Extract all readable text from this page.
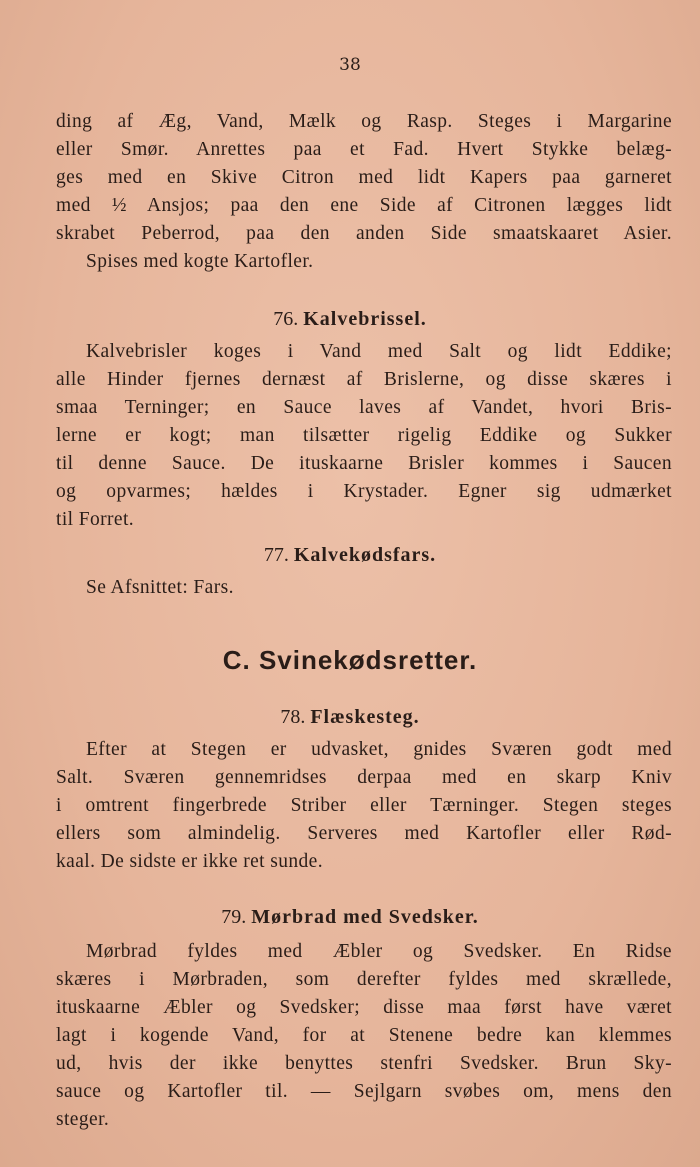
38
ding af Æg, Vand, Mælk og Rasp. Steges i Margarine
eller Smør. Anrettes paa et Fad. Hvert Stykke belæg-
ges med en Skive Citron med lidt Kapers paa garneret
med ½ Ansjos; paa den ene Side af Citronen lægges lidt
skrabet Peberrod, paa den anden Side smaatskaaret Asier.
Spises med kogte Kartofler.
76. Kalvebrissel.
Kalvebrisler koges i Vand med Salt og lidt Eddike;
alle Hinder fjernes dernæst af Brislerne, og disse skæres i
smaa Terninger; en Sauce laves af Vandet, hvori Bris-
lerne er kogt; man tilsætter rigelig Eddike og Sukker
til denne Sauce. De ituskaarne Brisler kommes i Saucen
og opvarmes; hældes i Krystader. Egner sig udmærket
til Forret.
77. Kalvekødsfars.
Se Afsnittet: Fars.
C. Svinekødsretter.
78. Flæskesteg.
Efter at Stegen er udvasket, gnides Sværen godt med
Salt. Sværen gennemridses derpaa med en skarp Kniv
i omtrent fingerbrede Striber eller Tærninger. Stegen steges
ellers som almindelig. Serveres med Kartofler eller Rød-
kaal. De sidste er ikke ret sunde.
79. Mørbrad med Svedsker.
Mørbrad fyldes med Æbler og Svedsker. En Ridse
skæres i Mørbraden, som derefter fyldes med skrællede,
ituskaarne Æbler og Svedsker; disse maa først have været
lagt i kogende Vand, for at Stenene bedre kan klemmes
ud, hvis der ikke benyttes stenfri Svedsker. Brun Sky-
sauce og Kartofler til. — Sejlgarn svøbes om, mens den
steger.
